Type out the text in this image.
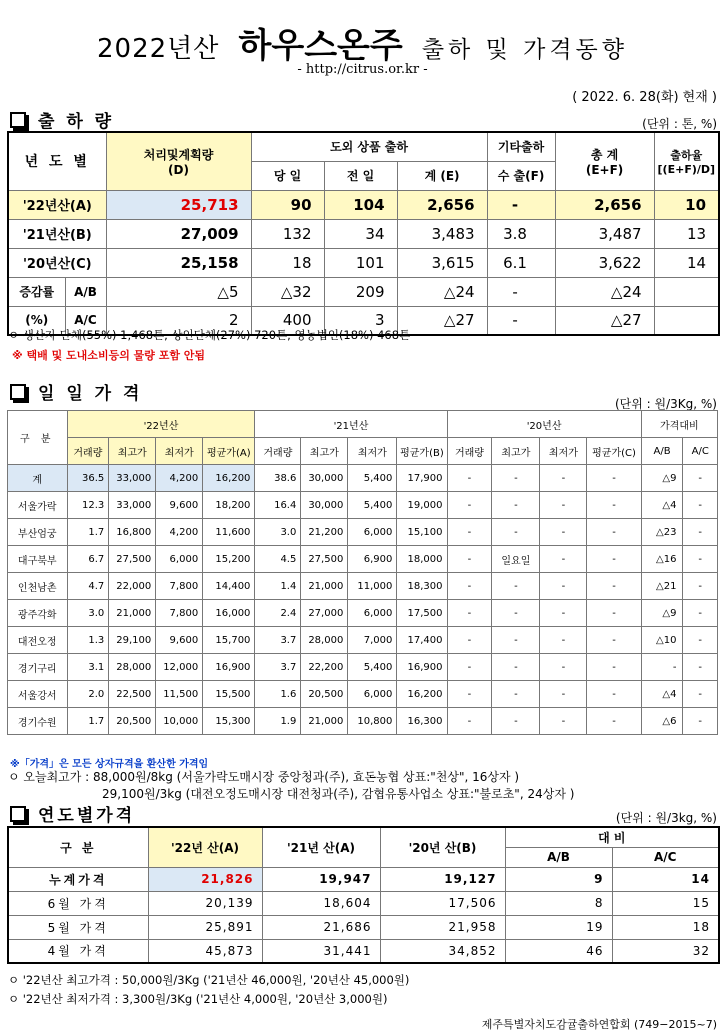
2022년산 하우스온주 출하 및 가격동향
- http://citrus.or.kr -
( 2022. 6. 28(화) 현재 )
출 하 량	(단위 : 톤, %)
년 도 별		처리및계획량
(D)	도외 상품 출하			기타출하	총 계
(E+F)	출하율
[(E+F)/D]
			당 일	전 일	계 (E)	수 출(F)		
'22년산(A)		25,713	90	104	2,656	-	2,656	10
'21년산(B)		27,009	132	34	3,483	3.8	3,487	13
'20년산(C)		25,158	18	101	3,615	6.1	3,622	14
증감률	A/B	△5	△32	209	△24	-	△24	
(%)	A/C	2	400	3	△27	-	△27	
ㅇ 생산자 단체(55%) 1,468톤, 상인단체(27%) 720톤, 영농법인(18%) 468톤
※ 택배 및 도내소비등의 물량 포함 안됨
일 일 가 격	(단위 : 원/3Kg, %)
구 분	'22년산				'21년산				'20년산				가격대비	
	거래량	최고가	최저가	평균가(A)	거래량	최고가	최저가	평균가(B)	거래량	최고가	최저가	평균가(C)	A/B	A/C
계	36.5	33,000	4,200	16,200	38.6	30,000	5,400	17,900	-	-	-	-	△9	-
서울가락	12.3	33,000	9,600	18,200	16.4	30,000	5,400	19,000	-	-	-	-	△4	-
부산엄궁	1.7	16,800	4,200	11,600	3.0	21,200	6,000	15,100	-	-	-	-	△23	-
대구북부	6.7	27,500	6,000	15,200	4.5	27,500	6,900	18,000	-	일요일	-	-	△16	-
인천남촌	4.7	22,000	7,800	14,400	1.4	21,000	11,000	18,300	-	-	-	-	△21	-
광주각화	3.0	21,000	7,800	16,000	2.4	27,000	6,000	17,500	-	-	-	-	△9	-
대전오정	1.3	29,100	9,600	15,700	3.7	28,000	7,000	17,400	-	-	-	-	△10	-
경기구리	3.1	28,000	12,000	16,900	3.7	22,200	5,400	16,900	-	-	-	-	-	-
서울강서	2.0	22,500	11,500	15,500	1.6	20,500	6,000	16,200	-	-	-	-	△4	-
경기수원	1.7	20,500	10,000	15,300	1.9	21,000	10,800	16,300	-	-	-	-	△6	-
※「가격」은 모든 상자규격을 환산한 가격임
ㅇ 오늘최고가 : 88,000원/8kg (서울가락도매시장 중앙청과(주), 효돈농협 상표:"천상", 16상자 )
29,100원/3kg (대전오정도매시장 대전청과(주), 감협유통사업소 상표:"불로초", 24상자 )
연도별가격	(단위 : 원/3kg, %)
구 분	'22년 산(A)	'21년 산(A)	'20년 산(B)	대 비	
				A/B	A/C
누계가격	21,826	19,947	19,127	9	14
6월 가격	20,139	18,604	17,506	8	15
5월 가격	25,891	21,686	21,958	19	18
4월 가격	45,873	31,441	34,852	46	32
ㅇ '22년산 최고가격 : 50,000원/3Kg ('21년산 46,000원, '20년산 45,000원)
ㅇ '22년산 최저가격 : 3,300원/3Kg ('21년산 4,000원, '20년산 3,000원)
제주특별자치도감귤출하연합회 (749−2015~7)
